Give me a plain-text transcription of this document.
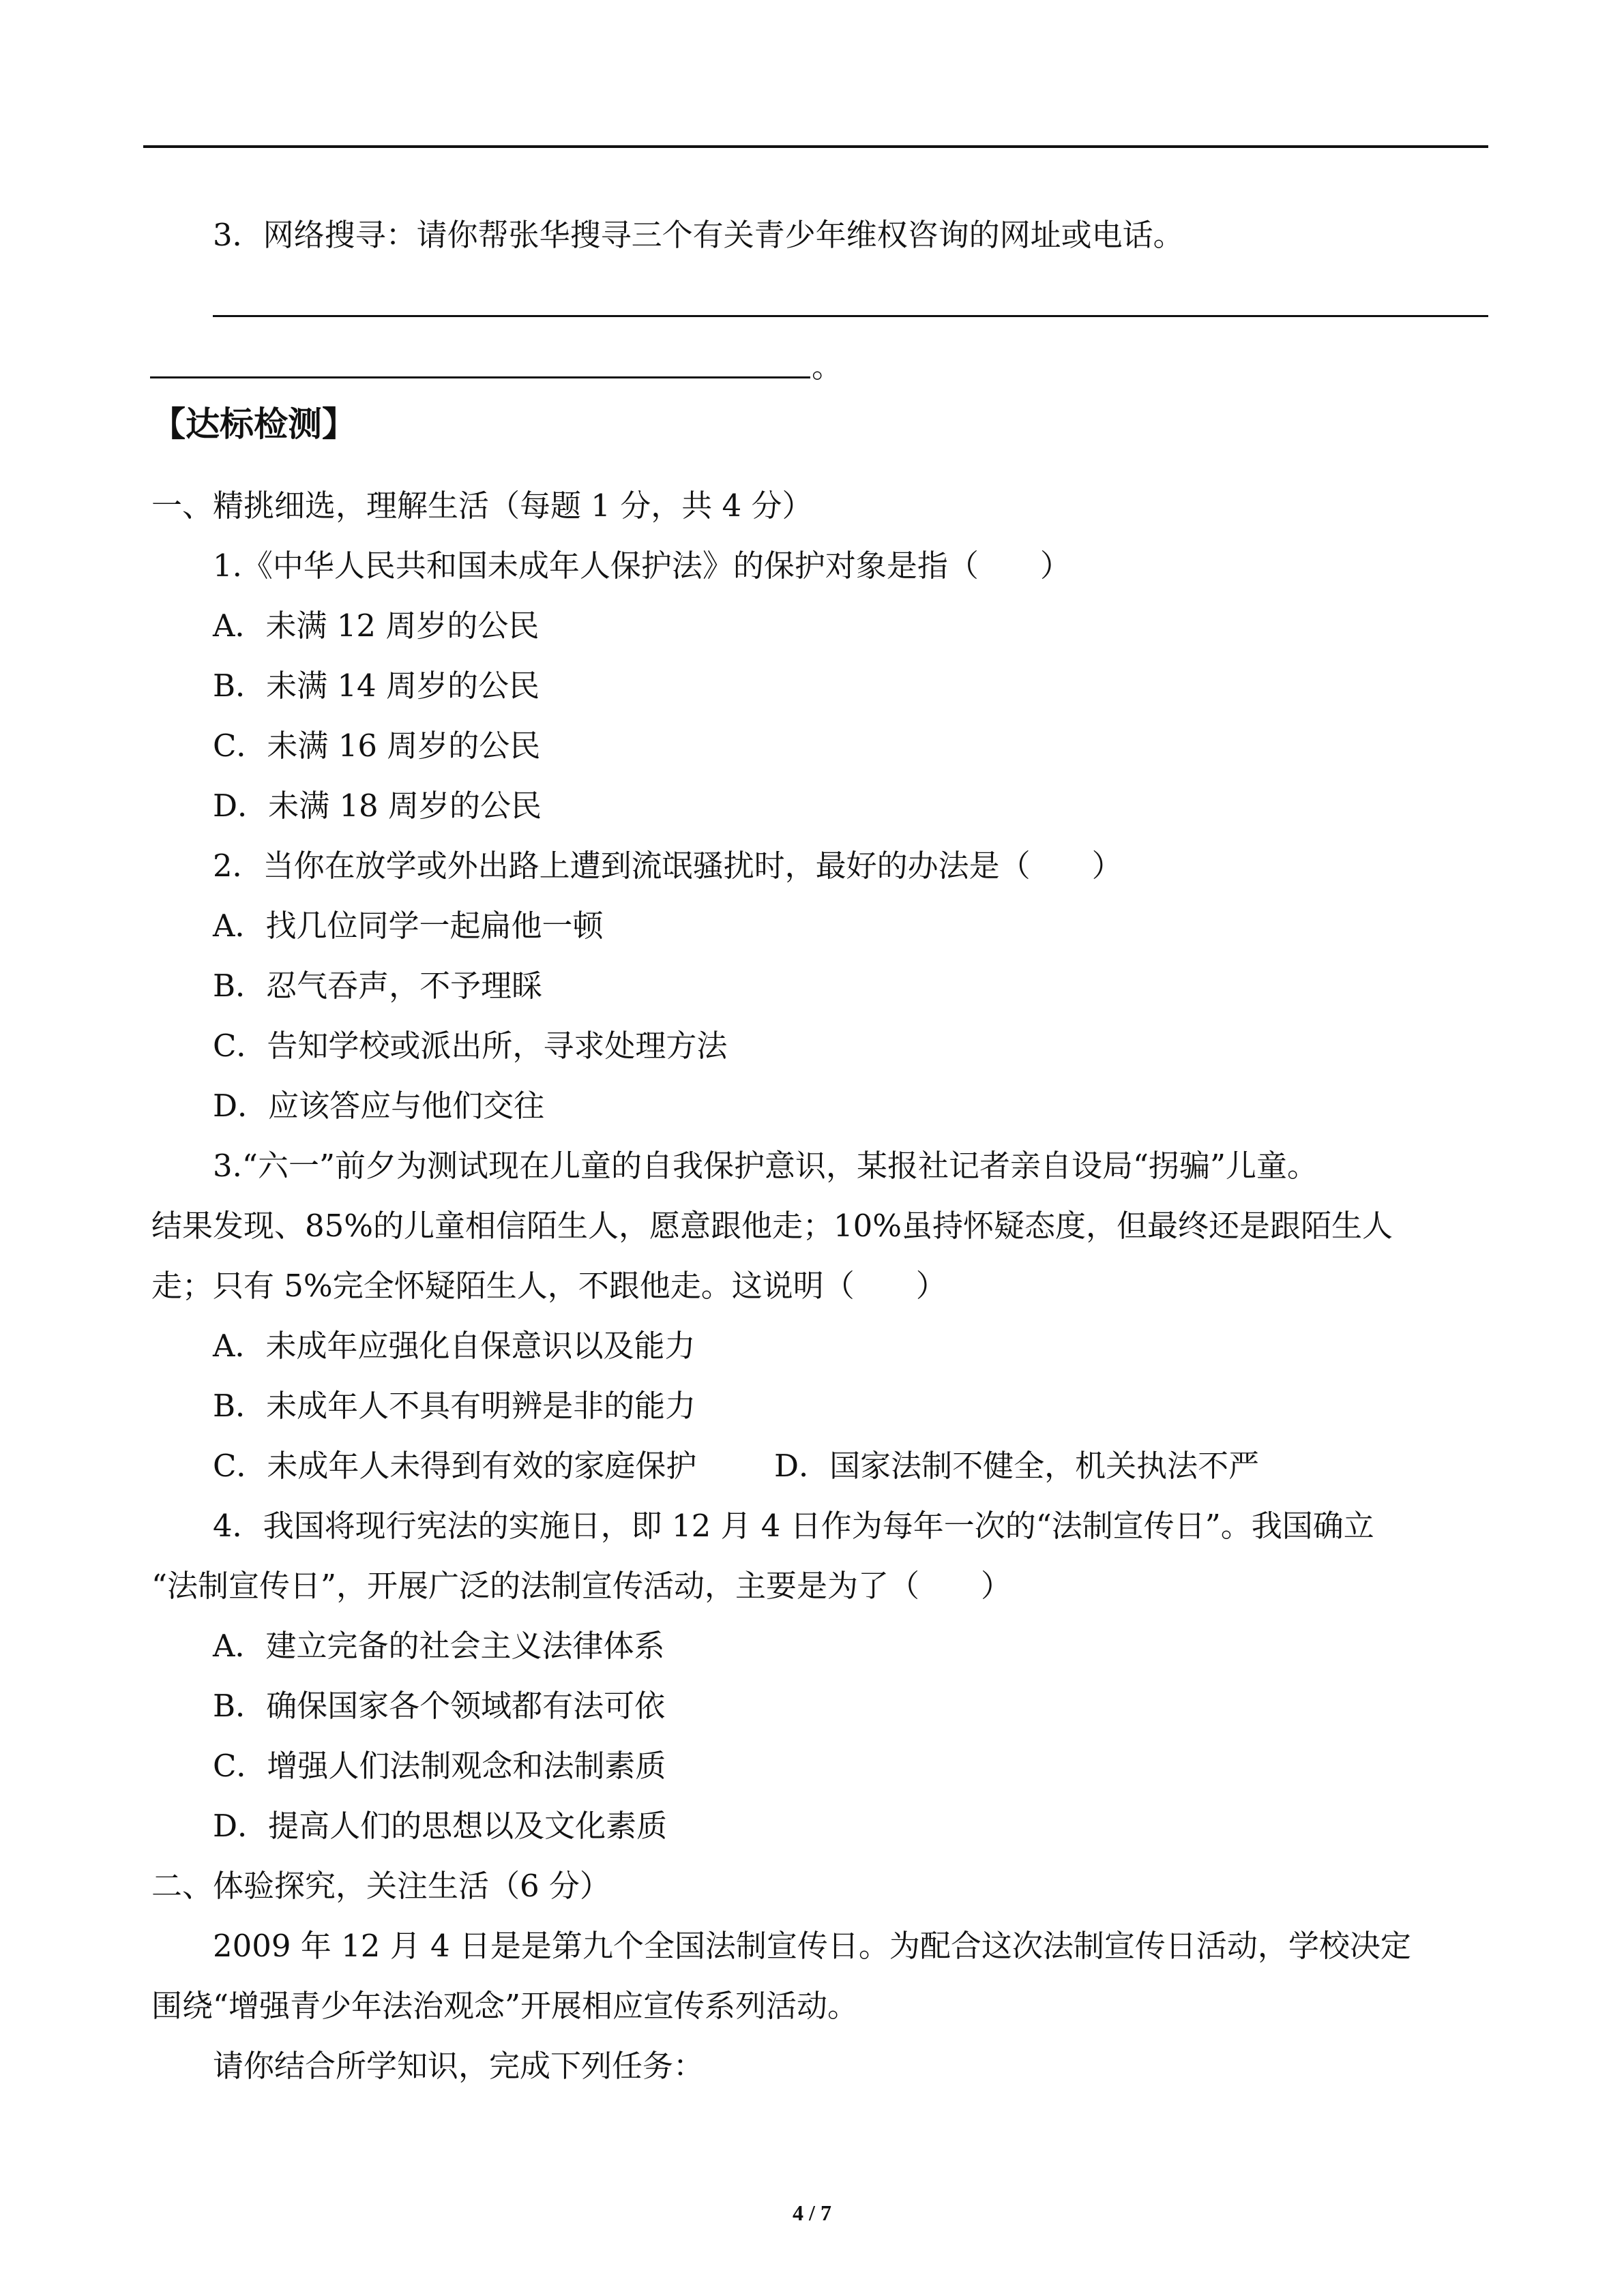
3．网络搜寻：请你帮张华搜寻三个有关青少年维权咨询的网址或电话。
。
【达标检测】
一、精挑细选，理解生活（每题 1 分，共 4 分）
1.《中华人民共和国未成年人保护法》的保护对象是指（　　）
A．未满 12 周岁的公民
B．未满 14 周岁的公民
C．未满 16 周岁的公民
D．未满 18 周岁的公民
2．当你在放学或外出路上遭到流氓骚扰时，最好的办法是（　　）
A．找几位同学一起扁他一顿
B．忍气吞声，不予理睬
C．告知学校或派出所，寻求处理方法
D．应该答应与他们交往
3.“六一”前夕为测试现在儿童的自我保护意识，某报社记者亲自设局“拐骗”儿童。
结果发现、85%的儿童相信陌生人，愿意跟他走；10%虽持怀疑态度，但最终还是跟陌生人
走；只有 5%完全怀疑陌生人，不跟他走。这说明（　　）
A．未成年应强化自保意识以及能力
B．未成年人不具有明辨是非的能力
C．未成年人未得到有效的家庭保护	D．国家法制不健全，机关执法不严
4．我国将现行宪法的实施日，即 12 月 4 日作为每年一次的“法制宣传日”。我国确立
“法制宣传日”，开展广泛的法制宣传活动，主要是为了（　　）
A．建立完备的社会主义法律体系
B．确保国家各个领域都有法可依
C．增强人们法制观念和法制素质
D．提高人们的思想以及文化素质
二、体验探究，关注生活（6 分）
2009 年 12 月 4 日是是第九个全国法制宣传日。为配合这次法制宣传日活动，学校决定
围绕“增强青少年法治观念”开展相应宣传系列活动。
请你结合所学知识，完成下列任务：
4 / 7
